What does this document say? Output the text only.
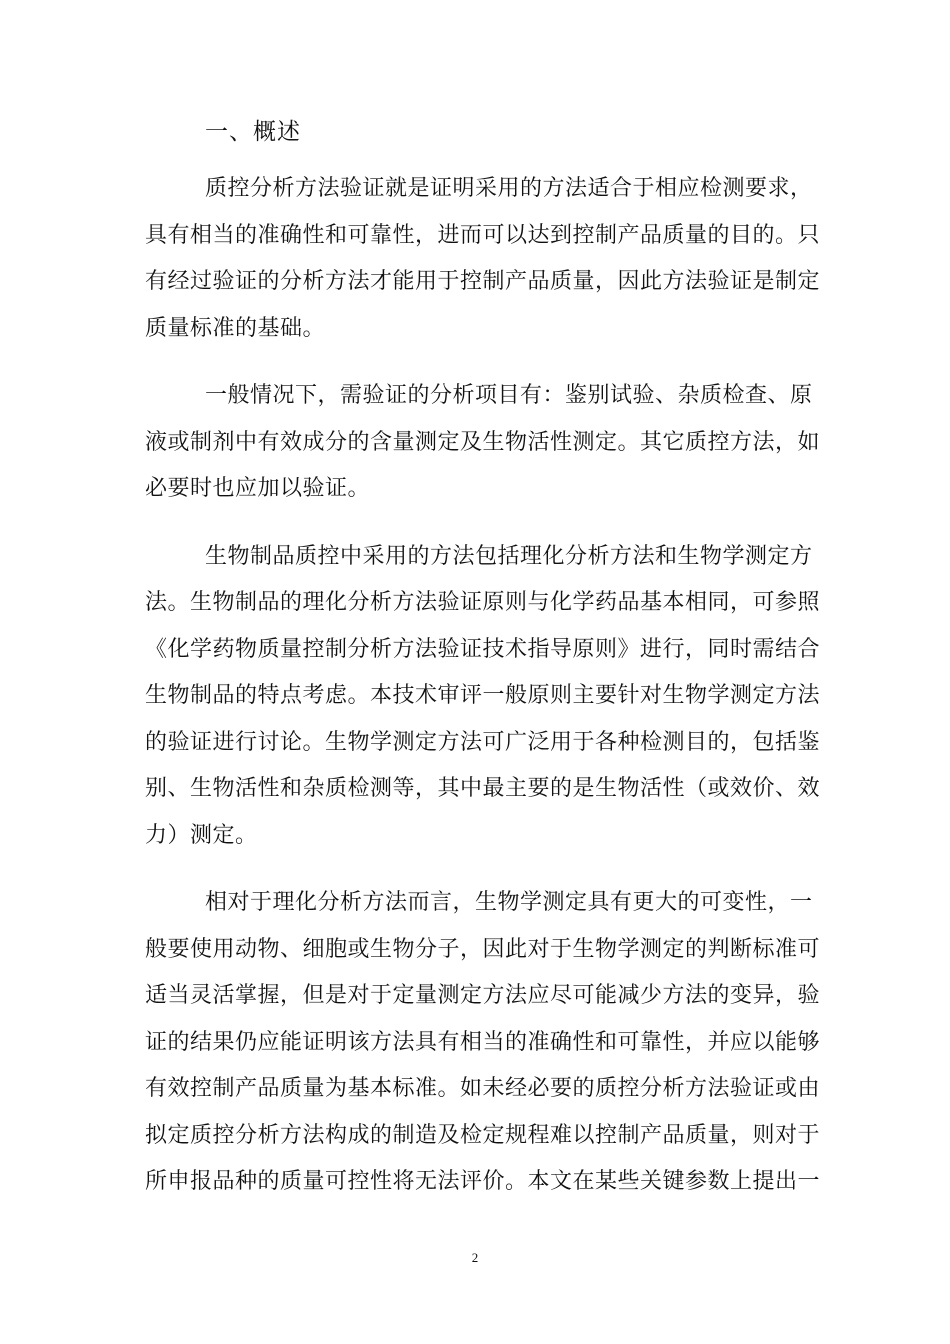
一、概述
质控分析方法验证就是证明采用的方法适合于相应检测要求，
具有相当的准确性和可靠性，进而可以达到控制产品质量的目的。只
有经过验证的分析方法才能用于控制产品质量，因此方法验证是制定
质量标准的基础。
一般情况下，需验证的分析项目有：鉴别试验、杂质检查、原
液或制剂中有效成分的含量测定及生物活性测定。其它质控方法，如
必要时也应加以验证。
生物制品质控中采用的方法包括理化分析方法和生物学测定方
法。生物制品的理化分析方法验证原则与化学药品基本相同，可参照
《化学药物质量控制分析方法验证技术指导原则》进行，同时需结合
生物制品的特点考虑。本技术审评一般原则主要针对生物学测定方法
的验证进行讨论。生物学测定方法可广泛用于各种检测目的，包括鉴
别、生物活性和杂质检测等，其中最主要的是生物活性（或效价、效
力）测定。
相对于理化分析方法而言，生物学测定具有更大的可变性，一
般要使用动物、细胞或生物分子，因此对于生物学测定的判断标准可
适当灵活掌握，但是对于定量测定方法应尽可能减少方法的变异，验
证的结果仍应能证明该方法具有相当的准确性和可靠性，并应以能够
有效控制产品质量为基本标准。如未经必要的质控分析方法验证或由
拟定质控分析方法构成的制造及检定规程难以控制产品质量，则对于
所申报品种的质量可控性将无法评价。本文在某些关键参数上提出一
2
